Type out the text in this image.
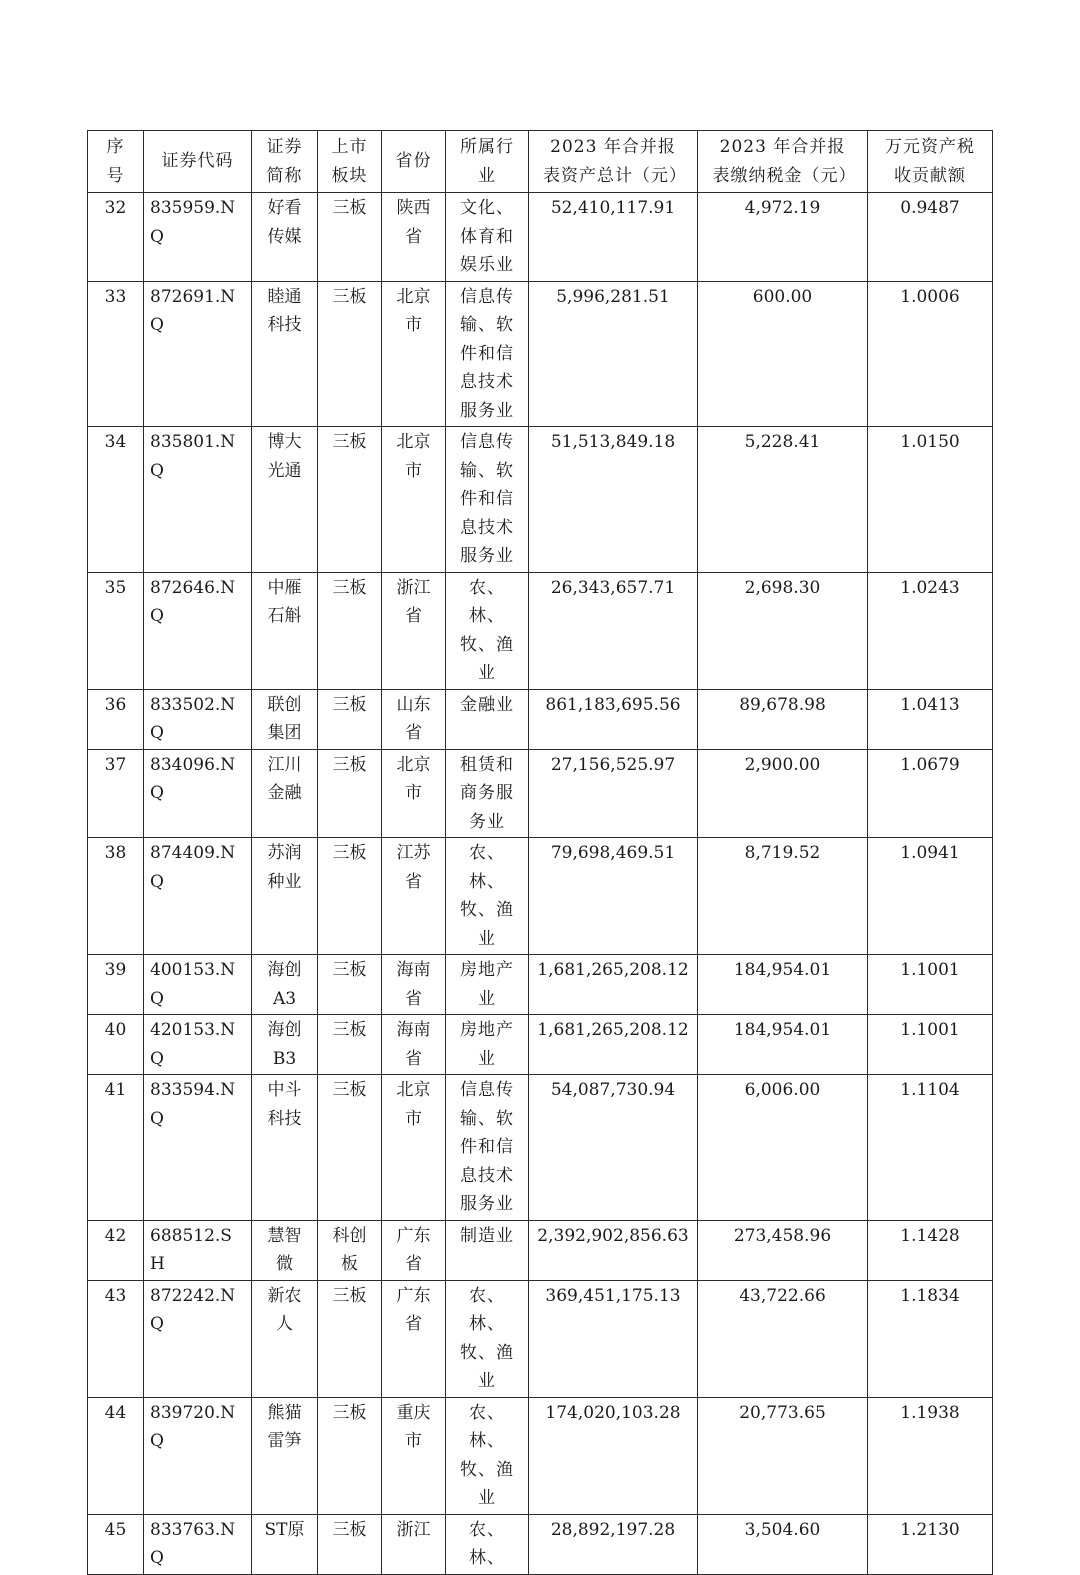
序号	证券代码	证券简称	上市板块	省份	所属行业	2023 年合并报表资产总计（元）	2023 年合并报表缴纳税金（元）	万元资产税收贡献额

32	835959.NQ	好看传媒	三板	陕西省	文化、体育和娱乐业	52,410,117.91	4,972.19	0.9487

33	872691.NQ	睦通科技	三板	北京市	信息传输、软件和信息技术服务业	5,996,281.51	600.00	1.0006

34	835801.NQ	博大光通	三板	北京市	信息传输、软件和信息技术服务业	51,513,849.18	5,228.41	1.0150

35	872646.NQ	中雁石斛	三板	浙江省	农、林、牧、渔业	26,343,657.71	2,698.30	1.0243

36	833502.NQ	联创集团	三板	山东省	金融业	861,183,695.56	89,678.98	1.0413

37	834096.NQ	江川金融	三板	北京市	租赁和商务服务业	27,156,525.97	2,900.00	1.0679

38	874409.NQ	苏润种业	三板	江苏省	农、林、牧、渔业	79,698,469.51	8,719.52	1.0941

39	400153.NQ	海创A3	三板	海南省	房地产业	1,681,265,208.12	184,954.01	1.1001

40	420153.NQ	海创B3	三板	海南省	房地产业	1,681,265,208.12	184,954.01	1.1001

41	833594.NQ	中斗科技	三板	北京市	信息传输、软件和信息技术服务业	54,087,730.94	6,006.00	1.1104

42	688512.SH	慧智微	科创板	广东省	制造业	2,392,902,856.63	273,458.96	1.1428

43	872242.NQ	新农人	三板	广东省	农、林、牧、渔业	369,451,175.13	43,722.66	1.1834

44	839720.NQ	熊猫雷笋	三板	重庆市	农、林、牧、渔业	174,020,103.28	20,773.65	1.1938

45	833763.NQ	ST原	三板	浙江	农、林、	28,892,197.28	3,504.60	1.2130
